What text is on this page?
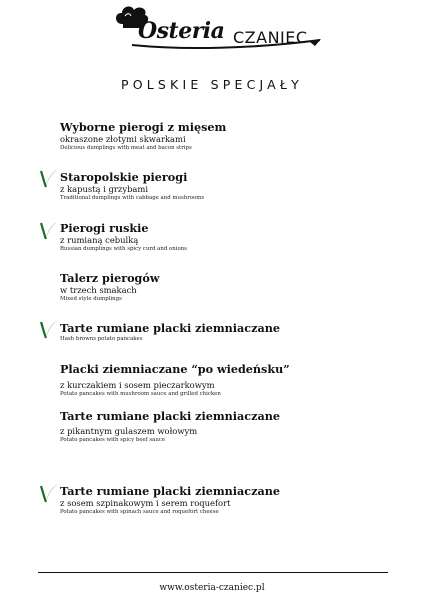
Osteria CZANIEC
POLSKIE SPECJAŁY
Wyborne pierogi z mięsem
okraszone złotymi skwarkami
Delicious dumplings with meat and bacon strips
Staropolskie pierogi
z kapustą i grzybami
Traditional dumplings with cabbage and mushrooms
Pierogi ruskie
z rumianą cebulką
Russian dumplings with spicy curd and onions
Talerz pierogów
w trzech smakach
Mixed style dumplings
Tarte rumiane placki ziemniaczane
Hash browns potato pancakes
Placki ziemniaczane “po wiedeńsku”
z kurczakiem i sosem pieczarkowym
Potato pancakes with mushroom sauce and grilled chicken
Tarte rumiane placki ziemniaczane
z pikantnym gulaszem wołowym
Potato pancakes with spicy beef sauce
Tarte rumiane placki ziemniaczane
z sosem szpinakowym i serem roquefort
Potato pancakes with spinach sauce and roquefort cheese
www.osteria-czaniec.pl
